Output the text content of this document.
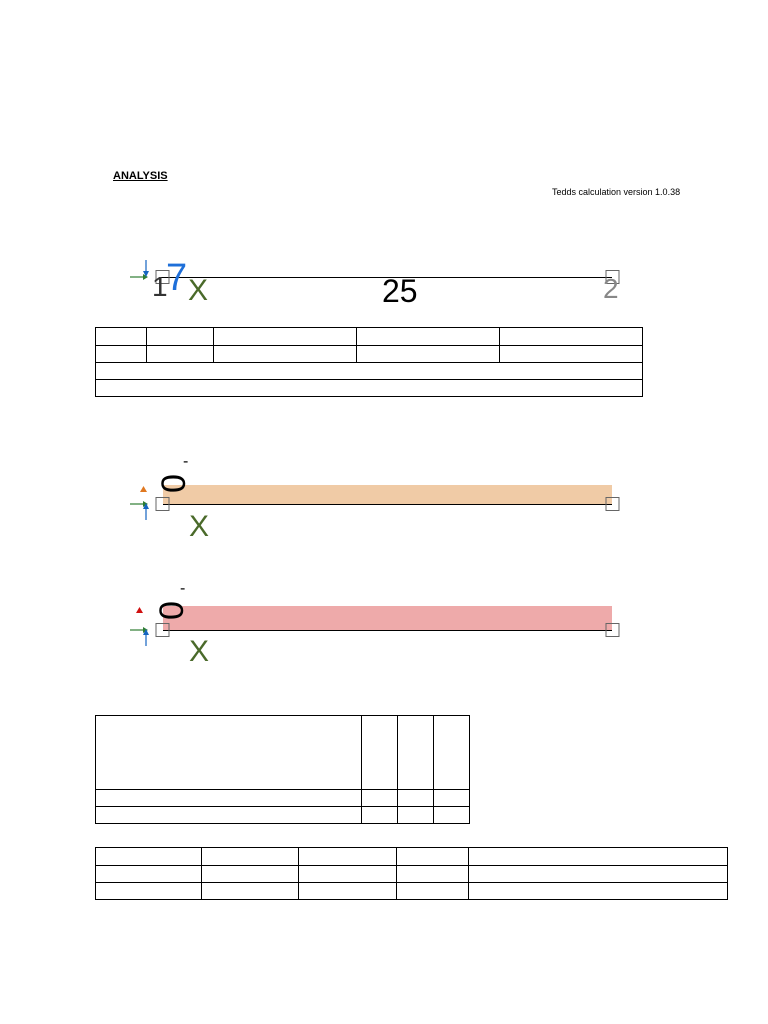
ANALYSIS
Tedds calculation version 1.0.38
1
7 X	25	2

0
-
X
0
-
X
